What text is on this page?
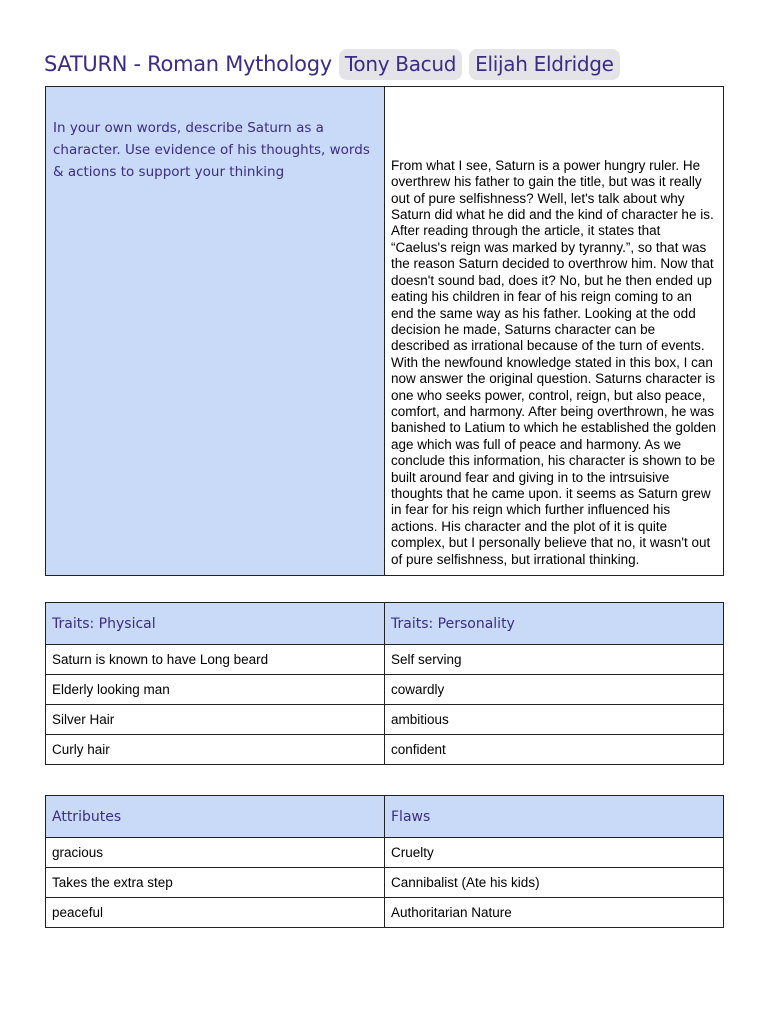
SATURN - Roman Mythology Tony Bacud Elijah Eldridge
In your own words, describe Saturn as a character. Use evidence of his thoughts, words & actions to support your thinking	From what I see, Saturn is a power hungry ruler. He overthrew his father to gain the title, but was it really out of pure selfishness? Well, let's talk about why Saturn did what he did and the kind of character he is. After reading through the article, it states that “Caelus's reign was marked by tyranny.”, so that was the reason Saturn decided to overthrow him. Now that doesn't sound bad, does it? No, but he then ended up eating his children in fear of his reign coming to an end the same way as his father. Looking at the odd decision he made, Saturns character can be described as irrational because of the turn of events. With the newfound knowledge stated in this box, I can now answer the original question. Saturns character is one who seeks power, control, reign, but also peace, comfort, and harmony. After being overthrown, he was banished to Latium to which he established the golden age which was full of peace and harmony. As we conclude this information, his character is shown to be built around fear and giving in to the intrsuisive thoughts that he came upon. it seems as Saturn grew in fear for his reign which further influenced his actions. His character and the plot of it is quite complex, but I personally believe that no, it wasn't out of pure selfishness, but irrational thinking.
Traits: Physical	Traits: Personality
Saturn is known to have Long beard	Self serving
Elderly looking man	cowardly
Silver Hair	ambitious
Curly hair	confident
Attributes	Flaws
gracious	Cruelty
Takes the extra step	Cannibalist (Ate his kids)
peaceful	Authoritarian Nature
